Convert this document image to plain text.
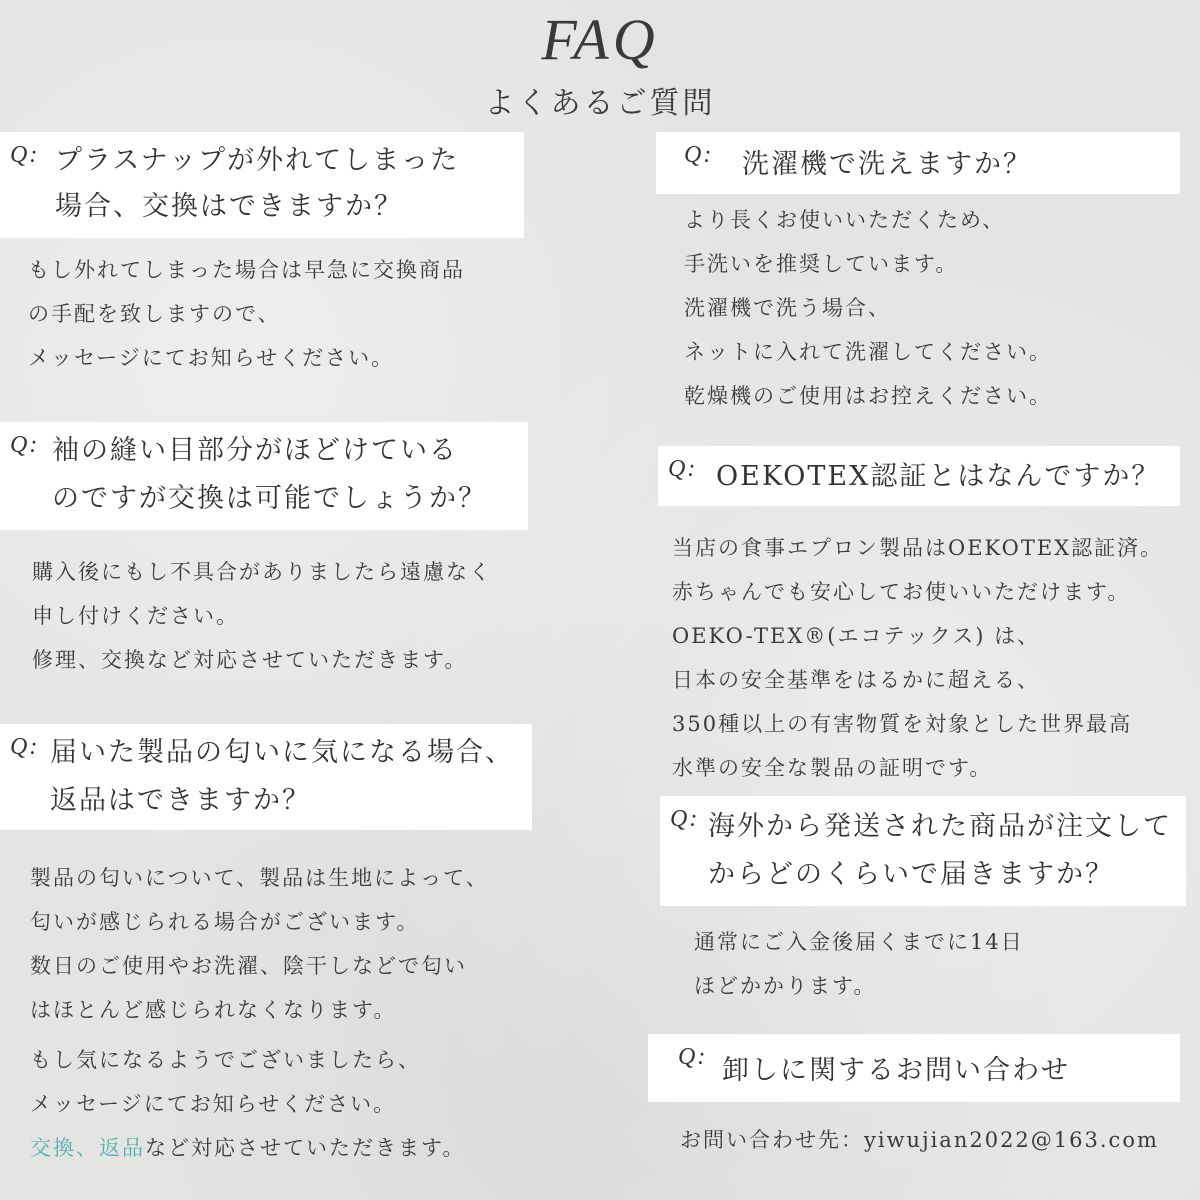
FAQ
よくあるご質問
Q: プラスナップが外れてしまった
場合、交換はできますか？
もし外れてしまった場合は早急に交換商品
の手配を致しますので、
メッセージにてお知らせください。
Q: 袖の縫い目部分がほどけている
のですが交換は可能でしょうか？
購入後にもし不具合がありましたら遠慮なく
申し付けください。
修理、交換など対応させていただきます。
Q: 届いた製品の匂いに気になる場合、
返品はできますか？
製品の匂いについて、製品は生地によって、
匂いが感じられる場合がございます。
数日のご使用やお洗濯、陰干しなどで匂い
はほとんど感じられなくなります。
もし気になるようでございましたら、
メッセージにてお知らせください。
交換、返品など対応させていただきます。
Q: 洗濯機で洗えますか？
より長くお使いいただくため、
手洗いを推奨しています。
洗濯機で洗う場合、
ネットに入れて洗濯してください。
乾燥機のご使用はお控えください。
Q: OEKOTEX認証とはなんですか？
当店の食事エプロン製品はOEKOTEX認証済。
赤ちゃんでも安心してお使いいただけます。
OEKO-TEX®(エコテックス) は、
日本の安全基準をはるかに超える、
350種以上の有害物質を対象とした世界最高
水準の安全な製品の証明です。
Q: 海外から発送された商品が注文して
からどのくらいで届きますか？
通常にご入金後届くまでに14日
ほどかかります。
Q: 卸しに関するお問い合わせ
お問い合わせ先：yiwujian2022@163.com
